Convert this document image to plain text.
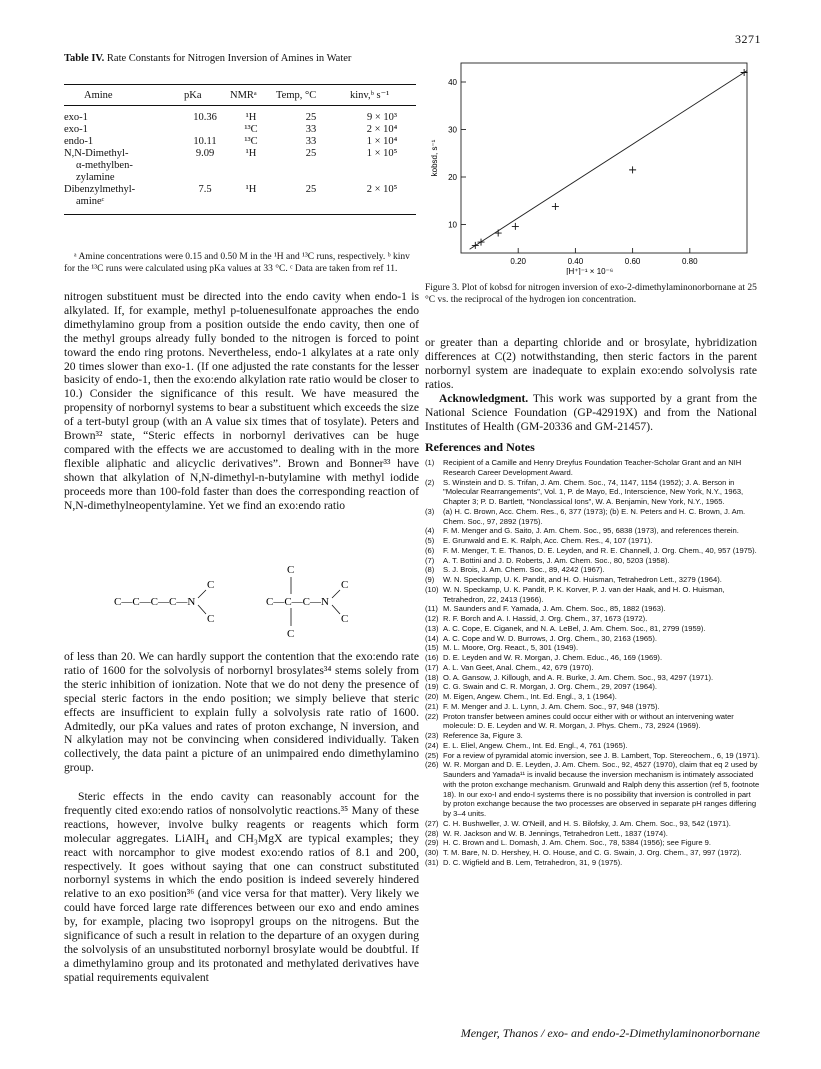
3271
Table IV. Rate Constants for Nitrogen Inversion of Amines in Water
Amine	pKa	NMRᵃ	Temp, °C	kinv,ᵇ s⁻¹
exo-1	10.36	¹H	25	9 × 10³
exo-1		¹³C	33	2 × 10⁴
endo-1	10.11	¹³C	33	1 × 10⁴
N,N-Dimethyl-	9.09	¹H	25	1 × 10⁵
α-methylben-				
zylamine				
Dibenzylmethyl-	7.5	¹H	25	2 × 10⁵
amineᶜ				
ᵃ Amine concentrations were 0.15 and 0.50 M in the ¹H and ¹³C runs, respectively. ᵇ kinv for the ¹³C runs were calculated using pKa values at 33 °C. ᶜ Data are taken from ref 11.

nitrogen substituent must be directed into the endo cavity when endo-1 is alkylated. If, for example, methyl p-toluenesulfonate approaches the endo dimethylamino group from a position outside the endo cavity, then one of the methyl groups already fully bonded to the nitrogen is forced to point toward the endo ring protons. Nevertheless, endo-1 alkylates at a rate only 20 times slower than exo-1. (If one adjusted the rate constants for the lesser basicity of endo-1, then the exo:endo alkylation rate ratio would be closer to 10.) Consider the significance of this result. We have measured the propensity of norbornyl systems to bear a substituent which exceeds the size of a tert-butyl group (with an A value six times that of tosylate). Peters and Brown³² state, “Steric effects in norbornyl derivatives can be huge compared with the effects we are accustomed to dealing with in the more flexible aliphatic and alicyclic derivatives”. Brown and Bonner³³ have shown that alkylation of N,N-dimethyl-n-butylamine with methyl iodide proceeds more than 100-fold faster than does the corresponding reaction of N,N-dimethylneopentylamine. Yet we find an exo:endo ratio

C—C—C—C—N
C
C
C—C—C—N
C
C
C
C

of less than 20. We can hardly support the contention that the exo:endo rate ratio of 1600 for the solvolysis of norbornyl brosylates³⁴ stems solely from the steric inhibition of ionization. Note that we do not deny the presence of special steric factors in the endo position; we simply believe that steric effects are insufficient to explain fully a solvolysis rate ratio of 1600. Admitedly, our pKa values and rates of proton exchange, N inversion, and N alkylation may not be convincing when considered individually. Taken collectively, the data paint a picture of an unimpaired endo dimethylamino group.

Steric effects in the endo cavity can reasonably account for the frequently cited exo:endo ratios of nonsolvolytic reactions.³⁵ Many of these reactions, however, involve bulky reagents or reagents which form molecular aggregates. LiAlH₄ and CH₃MgX are typical examples; they react with norcamphor to give modest exo:endo ratios of 8.1 and 200, respectively. It goes without saying that one can construct substituted norbornyl systems in which the endo position is indeed severely hindered relative to an exo position³⁶ (and vice versa for that matter). Very likely we could have forced large rate differences between our exo and endo amines by, for example, placing two isopropyl groups on the nitrogens. But the significance of such a result in relation to the departure of an oxygen during the solvolysis of an unsubstituted norbornyl brosylate would be doubtful. If a dimethylamino group and its protonated and methylated derivatives have spatial requirements equivalent

10
20
30
40
0.20	0.40	0.60	0.80
[H⁺]⁻¹ × 10⁻⁶
kobsd, s⁻¹
Figure 3. Plot of kobsd for nitrogen inversion of exo-2-dimethylaminonorbornane at 25 °C vs. the reciprocal of the hydrogen ion concentration.

or greater than a departing chloride and or brosylate, hybridization differences at C(2) notwithstanding, then steric factors in the parent norbornyl system are inadequate to explain exo:endo solvolysis rate ratios.

Acknowledgment. This work was supported by a grant from the National Science Foundation (GP-42919X) and from the National Institutes of Health (GM-20336 and GM-21457).

References and Notes

(1) Recipient of a Camille and Henry Dreyfus Foundation Teacher-Scholar Grant and an NIH Research Career Development Award.

(2) S. Winstein and D. S. Trifan, J. Am. Chem. Soc., 74, 1147, 1154 (1952); J. A. Berson in "Molecular Rearrangements", Vol. 1, P. de Mayo, Ed., Interscience, New York, N.Y., 1963, Chapter 3; P. D. Bartlett, "Nonclassical Ions", W. A. Benjamin, New York, N.Y., 1965.

(3) (a) H. C. Brown, Acc. Chem. Res., 6, 377 (1973); (b) E. N. Peters and H. C. Brown, J. Am. Chem. Soc., 97, 2892 (1975).

(4) F. M. Menger and G. Saito, J. Am. Chem. Soc., 95, 6838 (1973), and references therein.

(5) E. Grunwald and E. K. Ralph, Acc. Chem. Res., 4, 107 (1971).

(6) F. M. Menger, T. E. Thanos, D. E. Leyden, and R. E. Channell, J. Org. Chem., 40, 957 (1975).

(7) A. T. Bottini and J. D. Roberts, J. Am. Chem. Soc., 80, 5203 (1958).

(8) S. J. Brois, J. Am. Chem. Soc., 89, 4242 (1967).

(9) W. N. Speckamp, U. K. Pandit, and H. O. Huisman, Tetrahedron Lett., 3279 (1964).

(10) W. N. Speckamp, U. K. Pandit, P. K. Korver, P. J. van der Haak, and H. O. Huisman, Tetrahedron, 22, 2413 (1966).

(11) M. Saunders and F. Yamada, J. Am. Chem. Soc., 85, 1882 (1963).

(12) R. F. Borch and A. I. Hassid, J. Org. Chem., 37, 1673 (1972).

(13) A. C. Cope, E. Ciganek, and N. A. LeBel, J. Am. Chem. Soc., 81, 2799 (1959).

(14) A. C. Cope and W. D. Burrows, J. Org. Chem., 30, 2163 (1965).

(15) M. L. Moore, Org. React., 5, 301 (1949).

(16) D. E. Leyden and W. R. Morgan, J. Chem. Educ., 46, 169 (1969).

(17) A. L. Van Geet, Anal. Chem., 42, 679 (1970).

(18) O. A. Gansow, J. Killough, and A. R. Burke, J. Am. Chem. Soc., 93, 4297 (1971).

(19) C. G. Swain and C. R. Morgan, J. Org. Chem., 29, 2097 (1964).

(20) M. Eigen, Angew. Chem., Int. Ed. Engl., 3, 1 (1964).

(21) F. M. Menger and J. L. Lynn, J. Am. Chem. Soc., 97, 948 (1975).

(22) Proton transfer between amines could occur either with or without an intervening water molecule: D. E. Leyden and W. R. Morgan, J. Phys. Chem., 73, 2924 (1969).

(23) Reference 3a, Figure 3.

(24) E. L. Eliel, Angew. Chem., Int. Ed. Engl., 4, 761 (1965).

(25) For a review of pyramidal atomic inversion, see J. B. Lambert, Top. Stereochem., 6, 19 (1971).

(26) W. R. Morgan and D. E. Leyden, J. Am. Chem. Soc., 92, 4527 (1970), claim that eq 2 used by Saunders and Yamada¹¹ is invalid because the inversion mechanism is intimately associated with the proton exchange mechanism. Grunwald and Ralph deny this assertion (ref 5, footnote 18). In our exo-I and endo-I systems there is no possibility that inversion is controlled in part by proton exchange because the two processes are observed in separate pH ranges differing by 3–4 units.

(27) C. H. Bushweller, J. W. O'Neill, and H. S. Bilofsky, J. Am. Chem. Soc., 93, 542 (1971).

(28) W. R. Jackson and W. B. Jennings, Tetrahedron Lett., 1837 (1974).

(29) H. C. Brown and L. Domash, J. Am. Chem. Soc., 78, 5384 (1956); see Figure 9.

(30) T. M. Bare, N. D. Hershey, H. O. House, and C. G. Swain, J. Org. Chem., 37, 997 (1972).

(31) D. C. Wigfield and B. Lem, Tetrahedron, 31, 9 (1975).

Menger, Thanos / exo- and endo-2-Dimethylaminonorbornane
